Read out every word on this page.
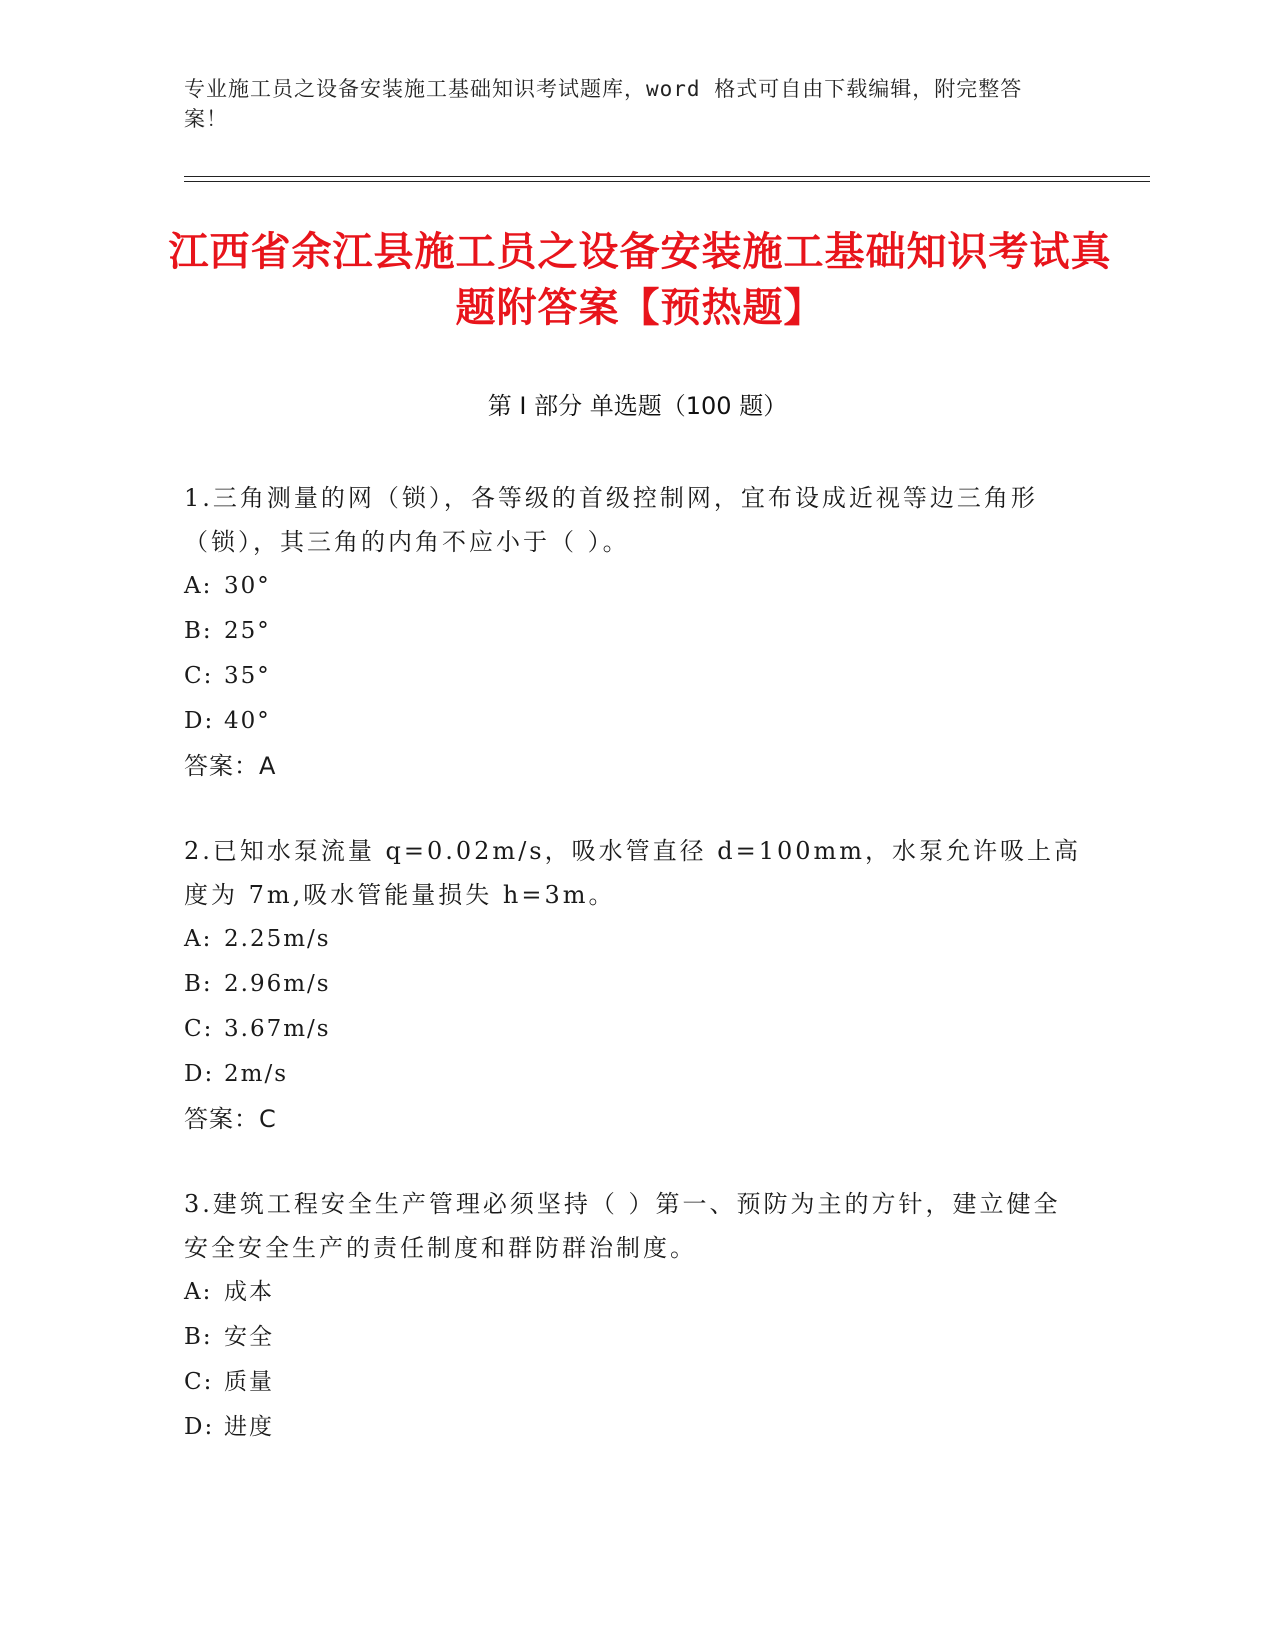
专业施工员之设备安装施工基础知识考试题库，word 格式可自由下载编辑，附完整答案！
江西省余江县施工员之设备安装施工基础知识考试真题附答案【预热题】
第 I 部分 单选题（100 题）

1.三角测量的网（锁），各等级的首级控制网，宜布设成近视等边三角形（锁），其三角的内角不应小于（ ）。

A: 30°

B: 25°

C: 35°

D: 40°

答案：A

2.已知水泵流量 q=0.02m/s，吸水管直径 d=100mm，水泵允许吸上高度为 7m,吸水管能量损失 h=3m。

A: 2.25m/s

B: 2.96m/s

C: 3.67m/s

D: 2m/s

答案：C

3.建筑工程安全生产管理必须坚持（ ）第一、预防为主的方针，建立健全安全安全生产的责任制度和群防群治制度。

A: 成本

B: 安全

C: 质量

D: 进度
